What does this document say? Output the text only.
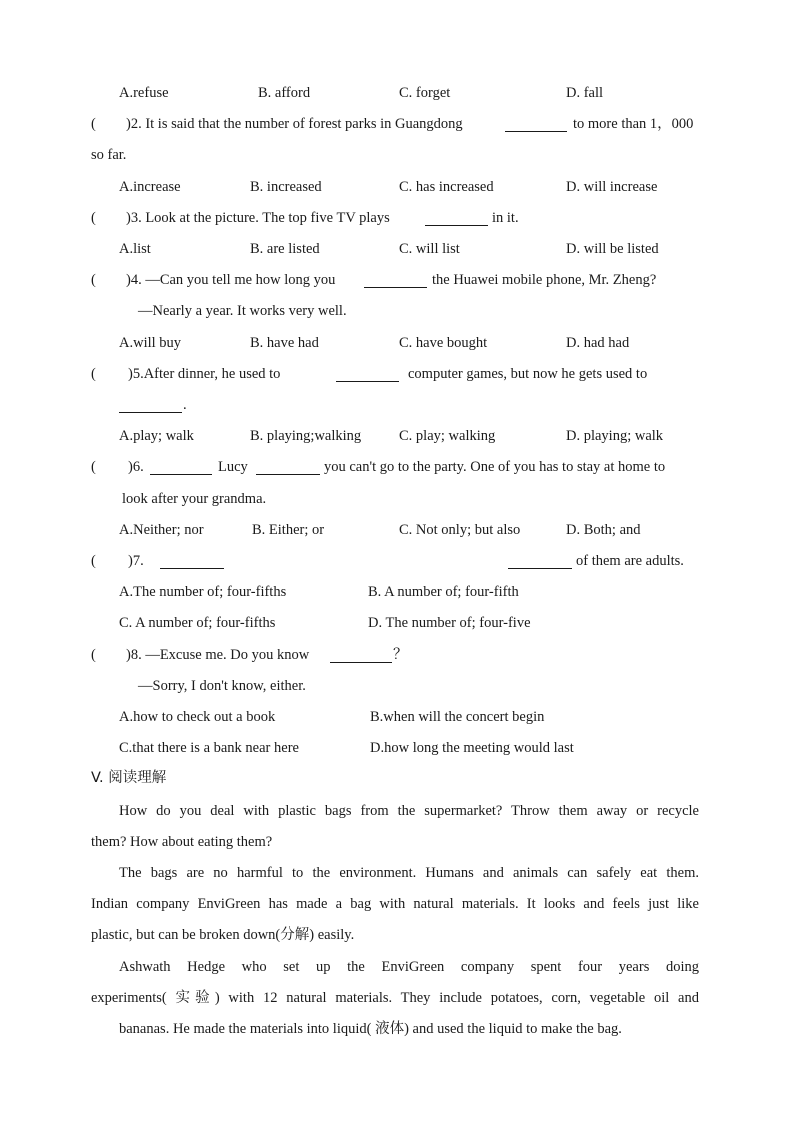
A.refuse	B. afford	C. forget	D. fall
( )2. It is said that the number of forest parks in Guangdong	to more than 1，000
so far.
A.increase	B. increased	C. has increased	D. will increase
( )3. Look at the picture. The top five TV plays	in it.
A.list	B. are listed	C. will list	D. will be listed
( )4. —Can you tell me how long you	the Huawei mobile phone, Mr. Zheng?
—Nearly a year. It works very well.
A.will buy	B. have had	C. have bought	D. had had
( )5.After dinner, he used to	computer games, but now he gets used to
.
A.play; walk	B. playing;walking	C. play; walking	D. playing; walk
( )6.	Lucy	you can't go to the party. One of you has to stay at home to
look after your grandma.
A.Neither; nor	B. Either; or	C. Not only; but also	D. Both; and
( )7.	of them are adults.
A.The number of; four-fifths	B. A number of; four-fifth
C. A number of; four-fifths	D. The number of; four-five
( )8. —Excuse me. Do you know	？
—Sorry, I don't know, either.
A.how to check out a book	B.when will the concert begin
C.that there is a bank near here	D.how long the meeting would last
V. 阅读理解
How do you deal with plastic bags from the supermarket? Throw them away or recycle
them? How about eating them?
The bags are no harmful to the environment. Humans and animals can safely eat them.
Indian company EnviGreen has made a bag with natural materials. It looks and feels just like
plastic, but can be broken down(分解) easily.
Ashwath Hedge who set up the EnviGreen company spent four years doing
experiments( 实验) with 12 natural materials. They include potatoes, corn, vegetable oil and
bananas. He made the materials into liquid( 液体) and used the liquid to make the bag.
